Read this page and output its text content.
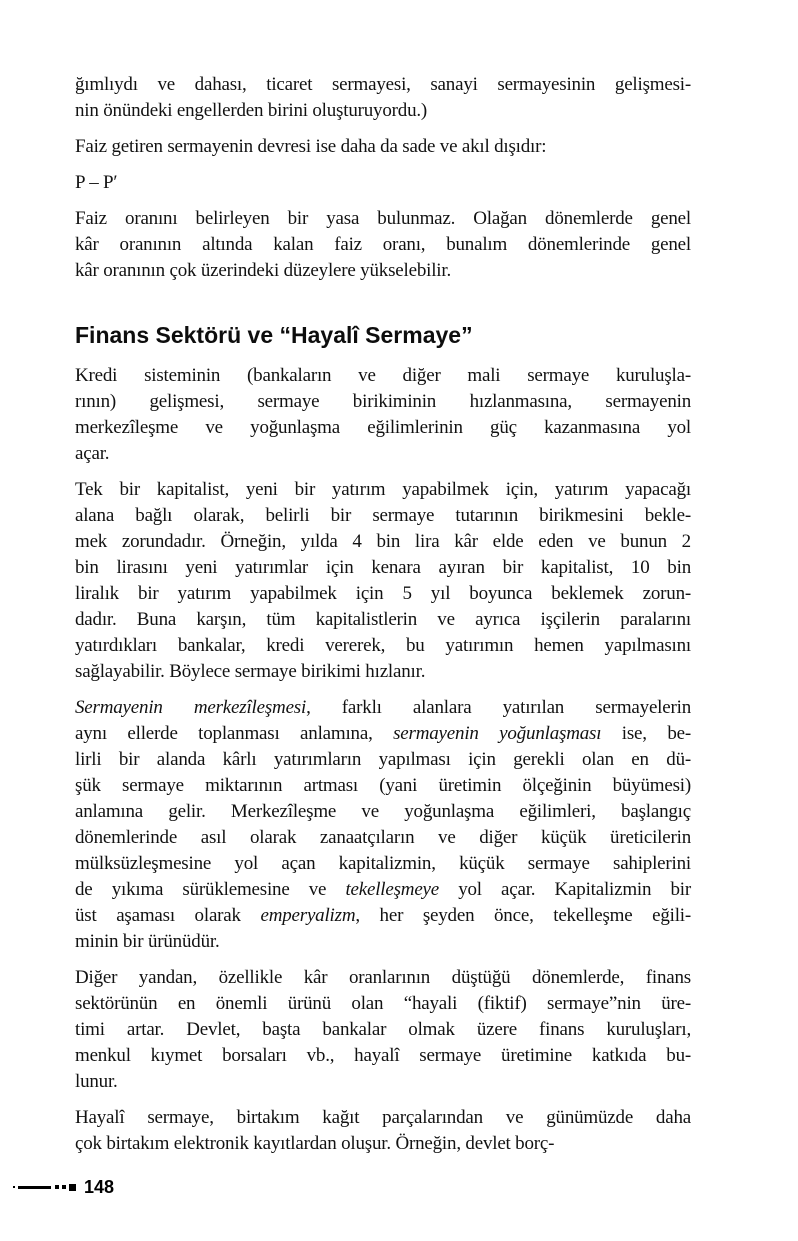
ğımlıydı ve dahası, ticaret sermayesi, sanayi sermayesinin gelişmesi-
nin önündeki engellerden birini oluşturuyordu.)
Faiz getiren sermayenin devresi ise daha da sade ve akıl dışıdır:
P – P′
Faiz oranını belirleyen bir yasa bulunmaz. Olağan dönemlerde genel
kâr oranının altında kalan faiz oranı, bunalım dönemlerinde genel
kâr oranının çok üzerindeki düzeylere yükselebilir.
Finans Sektörü ve “Hayalî Sermaye”
Kredi sisteminin (bankaların ve diğer mali sermaye kuruluşla-
rının) gelişmesi, sermaye birikiminin hızlanmasına, sermayenin
merkezîleşme ve yoğunlaşma eğilimlerinin güç kazanmasına yol
açar.
Tek bir kapitalist, yeni bir yatırım yapabilmek için, yatırım yapacağı
alana bağlı olarak, belirli bir sermaye tutarının birikmesini bekle-
mek zorundadır. Örneğin, yılda 4 bin lira kâr elde eden ve bunun 2
bin lirasını yeni yatırımlar için kenara ayıran bir kapitalist, 10 bin
liralık bir yatırım yapabilmek için 5 yıl boyunca beklemek zorun-
dadır. Buna karşın, tüm kapitalistlerin ve ayrıca işçilerin paralarını
yatırdıkları bankalar, kredi vererek, bu yatırımın hemen yapılmasını
sağlayabilir. Böylece sermaye birikimi hızlanır.
Sermayenin merkezîleşmesi, farklı alanlara yatırılan sermayelerin
aynı ellerde toplanması anlamına, sermayenin yoğunlaşması ise, be-
lirli bir alanda kârlı yatırımların yapılması için gerekli olan en dü-
şük sermaye miktarının artması (yani üretimin ölçeğinin büyümesi)
anlamına gelir. Merkezîleşme ve yoğunlaşma eğilimleri, başlangıç
dönemlerinde asıl olarak zanaatçıların ve diğer küçük üreticilerin
mülksüzleşmesine yol açan kapitalizmin, küçük sermaye sahiplerini
de yıkıma sürüklemesine ve tekelleşmeye yol açar. Kapitalizmin bir
üst aşaması olarak emperyalizm, her şeyden önce, tekelleşme eğili-
minin bir ürünüdür.
Diğer yandan, özellikle kâr oranlarının düştüğü dönemlerde, finans
sektörünün en önemli ürünü olan “hayali (fiktif) sermaye”nin üre-
timi artar. Devlet, başta bankalar olmak üzere finans kuruluşları,
menkul kıymet borsaları vb., hayalî sermaye üretimine katkıda bu-
lunur.
Hayalî sermaye, birtakım kağıt parçalarından ve günümüzde daha
çok birtakım elektronik kayıtlardan oluşur. Örneğin, devlet borç-
148
